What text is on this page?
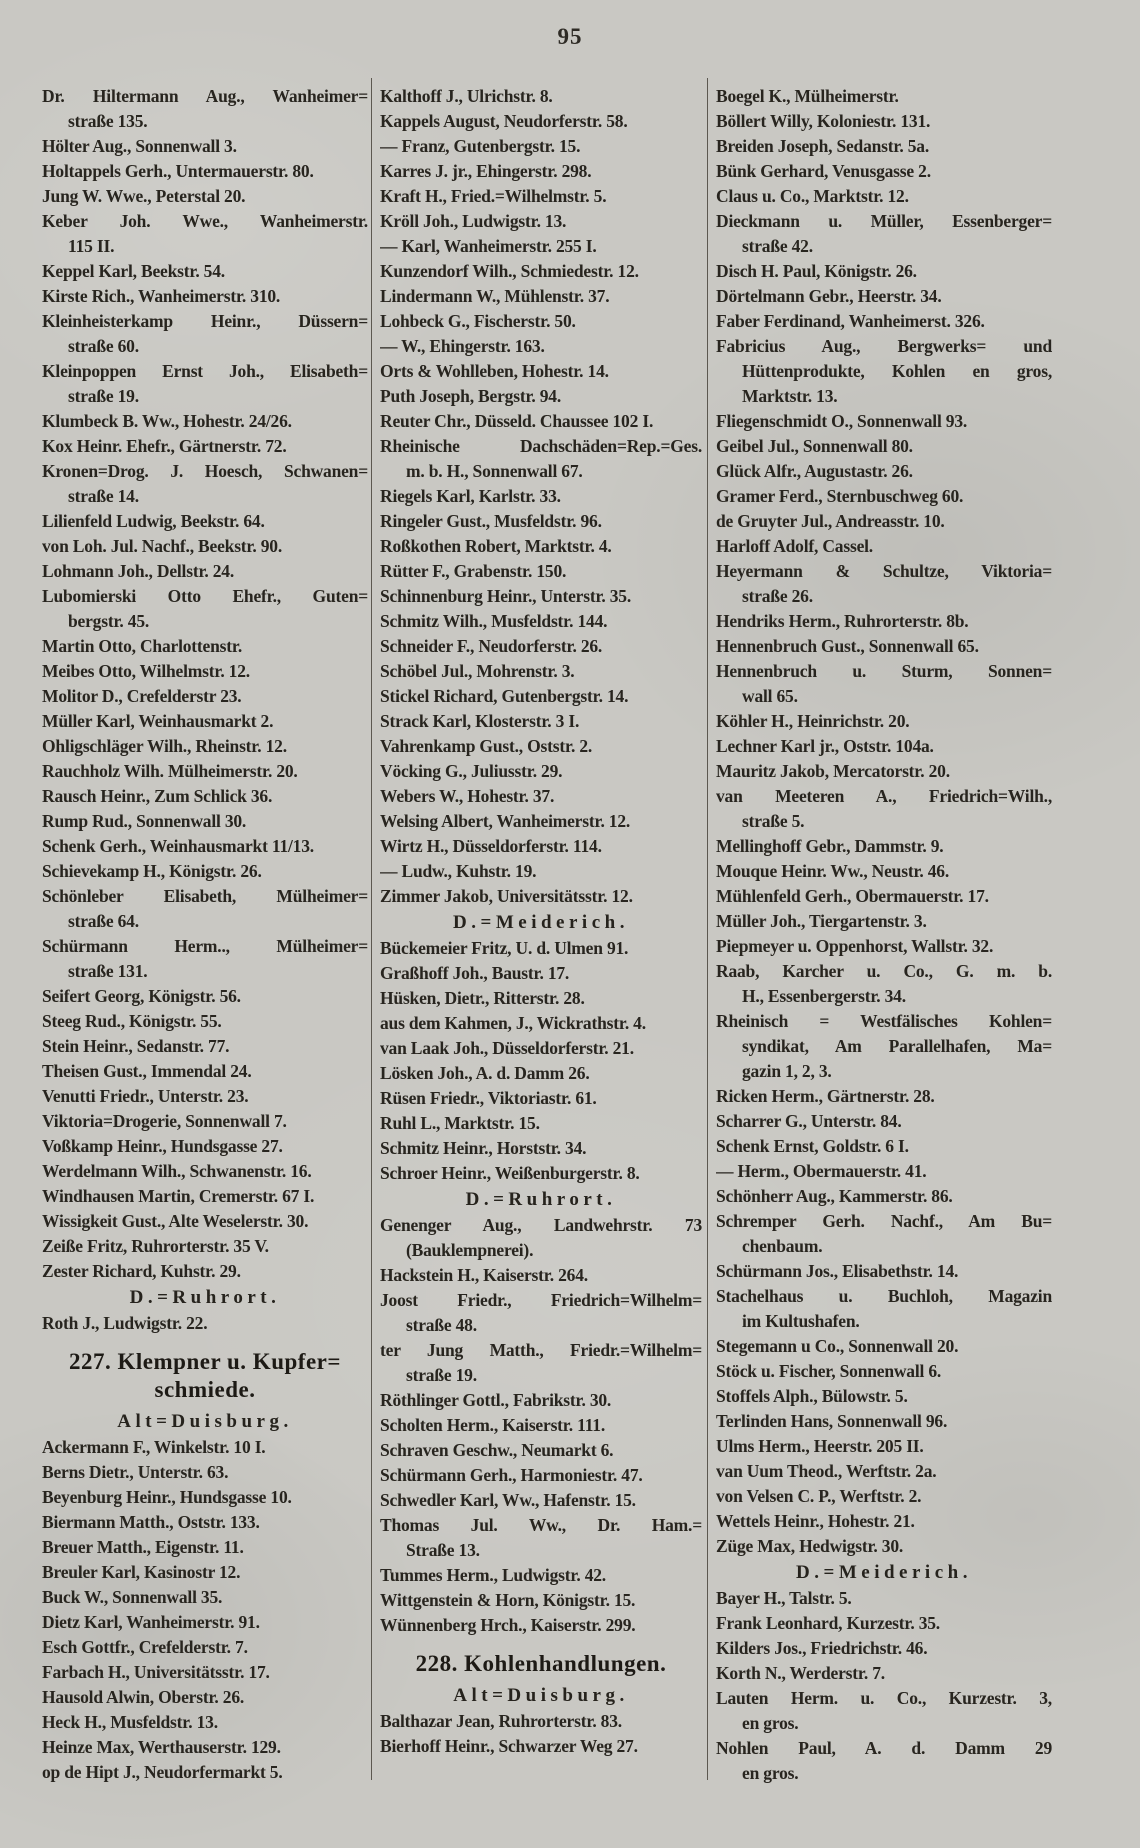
95
Dr. Hiltermann Aug., Wanheimer=
straße 135.
Hölter Aug., Sonnenwall 3.
Holtappels Gerh., Untermauerstr. 80.
Jung W. Wwe., Peterstal 20.
Keber Joh. Wwe., Wanheimerstr.
115 II.
Keppel Karl, Beekstr. 54.
Kirste Rich., Wanheimerstr. 310.
Kleinheisterkamp Heinr., Düssern=
straße 60.
Kleinpoppen Ernst Joh., Elisabeth=
straße 19.
Klumbeck B. Ww., Hohestr. 24/26.
Kox Heinr. Ehefr., Gärtnerstr. 72.
Kronen=Drog. J. Hoesch, Schwanen=
straße 14.
Lilienfeld Ludwig, Beekstr. 64.
von Loh. Jul. Nachf., Beekstr. 90.
Lohmann Joh., Dellstr. 24.
Lubomierski Otto Ehefr., Guten=
bergstr. 45.
Martin Otto, Charlottenstr.
Meibes Otto, Wilhelmstr. 12.
Molitor D., Crefelderstr 23.
Müller Karl, Weinhausmarkt 2.
Ohligschläger Wilh., Rheinstr. 12.
Rauchholz Wilh. Mülheimerstr. 20.
Rausch Heinr., Zum Schlick 36.
Rump Rud., Sonnenwall 30.
Schenk Gerh., Weinhausmarkt 11/13.
Schievekamp H., Königstr. 26.
Schönleber Elisabeth, Mülheimer=
straße 64.
Schürmann Herm.., Mülheimer=
straße 131.
Seifert Georg, Königstr. 56.
Steeg Rud., Königstr. 55.
Stein Heinr., Sedanstr. 77.
Theisen Gust., Immendal 24.
Venutti Friedr., Unterstr. 23.
Viktoria=Drogerie, Sonnenwall 7.
Voßkamp Heinr., Hundsgasse 27.
Werdelmann Wilh., Schwanenstr. 16.
Windhausen Martin, Cremerstr. 67 I.
Wissigkeit Gust., Alte Weselerstr. 30.
Zeiße Fritz, Ruhrorterstr. 35 V.
Zester Richard, Kuhstr. 29.
D.=Ruhrort.
Roth J., Ludwigstr. 22.
227. Klempner u. Kupfer=
schmiede.
Alt=Duisburg.
Ackermann F., Winkelstr. 10 I.
Berns Dietr., Unterstr. 63.
Beyenburg Heinr., Hundsgasse 10.
Biermann Matth., Oststr. 133.
Breuer Matth., Eigenstr. 11.
Breuler Karl, Kasinostr 12.
Buck W., Sonnenwall 35.
Dietz Karl, Wanheimerstr. 91.
Esch Gottfr., Crefelderstr. 7.
Farbach H., Universitätsstr. 17.
Hausold Alwin, Oberstr. 26.
Heck H., Musfeldstr. 13.
Heinze Max, Werthauserstr. 129.
op de Hipt J., Neudorfermarkt 5.
Kalthoff J., Ulrichstr. 8.
Kappels August, Neudorferstr. 58.
— Franz, Gutenbergstr. 15.
Karres J. jr., Ehingerstr. 298.
Kraft H., Fried.=Wilhelmstr. 5.
Kröll Joh., Ludwigstr. 13.
— Karl, Wanheimerstr. 255 I.
Kunzendorf Wilh., Schmiedestr. 12.
Lindermann W., Mühlenstr. 37.
Lohbeck G., Fischerstr. 50.
— W., Ehingerstr. 163.
Orts & Wohlleben, Hohestr. 14.
Puth Joseph, Bergstr. 94.
Reuter Chr., Düsseld. Chaussee 102 I.
Rheinische Dachschäden=Rep.=Ges.
m. b. H., Sonnenwall 67.
Riegels Karl, Karlstr. 33.
Ringeler Gust., Musfeldstr. 96.
Roßkothen Robert, Marktstr. 4.
Rütter F., Grabenstr. 150.
Schinnenburg Heinr., Unterstr. 35.
Schmitz Wilh., Musfeldstr. 144.
Schneider F., Neudorferstr. 26.
Schöbel Jul., Mohrenstr. 3.
Stickel Richard, Gutenbergstr. 14.
Strack Karl, Klosterstr. 3 I.
Vahrenkamp Gust., Oststr. 2.
Vöcking G., Juliusstr. 29.
Webers W., Hohestr. 37.
Welsing Albert, Wanheimerstr. 12.
Wirtz H., Düsseldorferstr. 114.
— Ludw., Kuhstr. 19.
Zimmer Jakob, Universitätsstr. 12.
D.=Meiderich.
Bückemeier Fritz, U. d. Ulmen 91.
Graßhoff Joh., Baustr. 17.
Hüsken, Dietr., Ritterstr. 28.
aus dem Kahmen, J., Wickrathstr. 4.
van Laak Joh., Düsseldorferstr. 21.
Lösken Joh., A. d. Damm 26.
Rüsen Friedr., Viktoriastr. 61.
Ruhl L., Marktstr. 15.
Schmitz Heinr., Horststr. 34.
Schroer Heinr., Weißenburgerstr. 8.
D.=Ruhrort.
Genenger Aug., Landwehrstr. 73
(Bauklempnerei).
Hackstein H., Kaiserstr. 264.
Joost Friedr., Friedrich=Wilhelm=
straße 48.
ter Jung Matth., Friedr.=Wilhelm=
straße 19.
Röthlinger Gottl., Fabrikstr. 30.
Scholten Herm., Kaiserstr. 111.
Schraven Geschw., Neumarkt 6.
Schürmann Gerh., Harmoniestr. 47.
Schwedler Karl, Ww., Hafenstr. 15.
Thomas Jul. Ww., Dr. Ham.=
Straße 13.
Tummes Herm., Ludwigstr. 42.
Wittgenstein & Horn, Königstr. 15.
Wünnenberg Hrch., Kaiserstr. 299.
228. Kohlenhandlungen.
Alt=Duisburg.
Balthazar Jean, Ruhrorterstr. 83.
Bierhoff Heinr., Schwarzer Weg 27.
Boegel K., Mülheimerstr.
Böllert Willy, Koloniestr. 131.
Breiden Joseph, Sedanstr. 5a.
Bünk Gerhard, Venusgasse 2.
Claus u. Co., Marktstr. 12.
Dieckmann u. Müller, Essenberger=
straße 42.
Disch H. Paul, Königstr. 26.
Dörtelmann Gebr., Heerstr. 34.
Faber Ferdinand, Wanheimerst. 326.
Fabricius Aug., Bergwerks= und
Hüttenprodukte, Kohlen en gros,
Marktstr. 13.
Fliegenschmidt O., Sonnenwall 93.
Geibel Jul., Sonnenwall 80.
Glück Alfr., Augustastr. 26.
Gramer Ferd., Sternbuschweg 60.
de Gruyter Jul., Andreasstr. 10.
Harloff Adolf, Cassel.
Heyermann & Schultze, Viktoria=
straße 26.
Hendriks Herm., Ruhrorterstr. 8b.
Hennenbruch Gust., Sonnenwall 65.
Hennenbruch u. Sturm, Sonnen=
wall 65.
Köhler H., Heinrichstr. 20.
Lechner Karl jr., Oststr. 104a.
Mauritz Jakob, Mercatorstr. 20.
van Meeteren A., Friedrich=Wilh.,
straße 5.
Mellinghoff Gebr., Dammstr. 9.
Mouque Heinr. Ww., Neustr. 46.
Mühlenfeld Gerh., Obermauerstr. 17.
Müller Joh., Tiergartenstr. 3.
Piepmeyer u. Oppenhorst, Wallstr. 32.
Raab, Karcher u. Co., G. m. b.
H., Essenbergerstr. 34.
Rheinisch = Westfälisches Kohlen=
syndikat, Am Parallelhafen, Ma=
gazin 1, 2, 3.
Ricken Herm., Gärtnerstr. 28.
Scharrer G., Unterstr. 84.
Schenk Ernst, Goldstr. 6 I.
— Herm., Obermauerstr. 41.
Schönherr Aug., Kammerstr. 86.
Schremper Gerh. Nachf., Am Bu=
chenbaum.
Schürmann Jos., Elisabethstr. 14.
Stachelhaus u. Buchloh, Magazin
im Kultushafen.
Stegemann u Co., Sonnenwall 20.
Stöck u. Fischer, Sonnenwall 6.
Stoffels Alph., Bülowstr. 5.
Terlinden Hans, Sonnenwall 96.
Ulms Herm., Heerstr. 205 II.
van Uum Theod., Werftstr. 2a.
von Velsen C. P., Werftstr. 2.
Wettels Heinr., Hohestr. 21.
Züge Max, Hedwigstr. 30.
D.=Meiderich.
Bayer H., Talstr. 5.
Frank Leonhard, Kurzestr. 35.
Kilders Jos., Friedrichstr. 46.
Korth N., Werderstr. 7.
Lauten Herm. u. Co., Kurzestr. 3,
en gros.
Nohlen Paul, A. d. Damm 29
en gros.
